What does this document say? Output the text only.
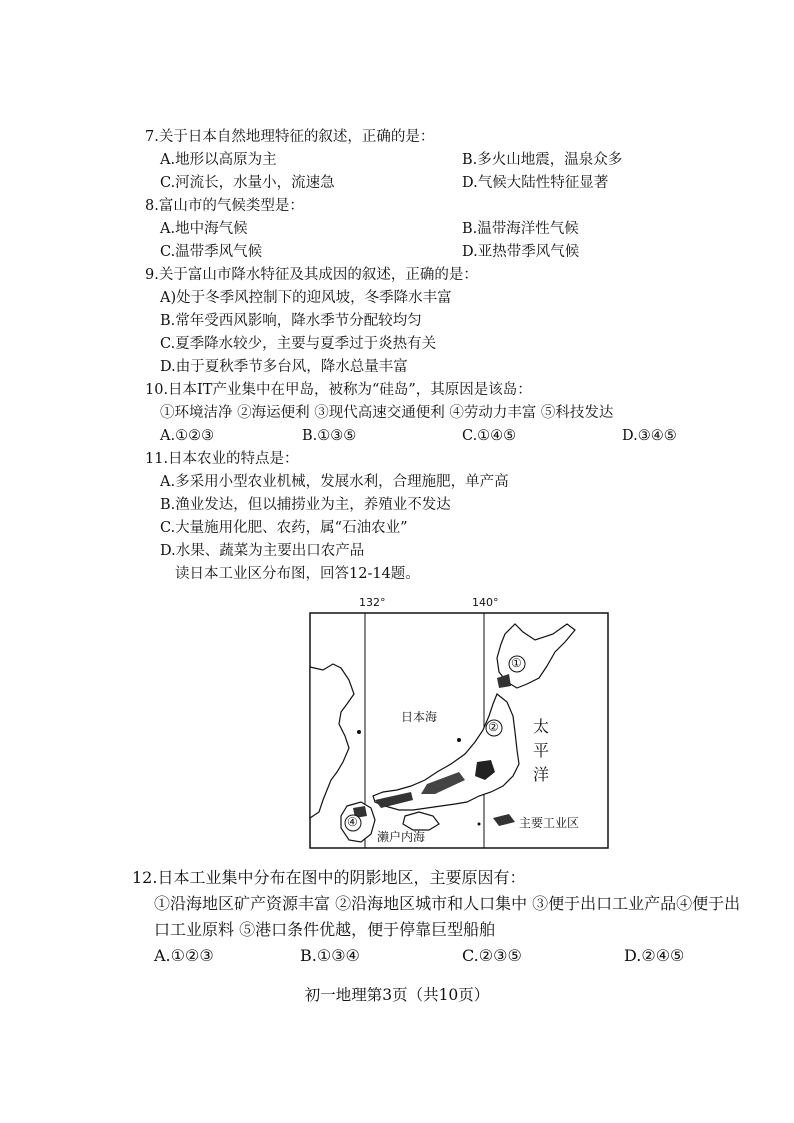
7.关于日本自然地理特征的叙述，正确的是：
A.地形以高原为主	B.多火山地震，温泉众多
C.河流长，水量小，流速急	D.气候大陆性特征显著
8.富山市的气候类型是：
A.地中海气候	B.温带海洋性气候
C.温带季风气候	D.亚热带季风气候
9.关于富山市降水特征及其成因的叙述，正确的是：
A)处于冬季风控制下的迎风坡，冬季降水丰富
B.常年受西风影响，降水季节分配较均匀
C.夏季降水较少，主要与夏季过于炎热有关
D.由于夏秋季节多台风，降水总量丰富
10.日本IT产业集中在甲岛，被称为“硅岛”，其原因是该岛：
①环境洁净 ②海运便利 ③现代高速交通便利 ④劳动力丰富 ⑤科技发达
A.①②③	B.①③⑤	C.①④⑤	D.③④⑤
11.日本农业的特点是：
A.多采用小型农业机械，发展水利，合理施肥，单产高
B.渔业发达，但以捕捞业为主，养殖业不发达
C.大量施用化肥、农药，属“石油农业”
D.水果、蔬菜为主要出口农产品
读日本工业区分布图，回答12-14题。
132°	140°
日本海	太
平
洋
濑户内海
主要工业区
①
②
④
12.日本工业集中分布在图中的阴影地区，主要原因有：
①沿海地区矿产资源丰富 ②沿海地区城市和人口集中 ③便于出口工业产品④便于出
口工业原料 ⑤港口条件优越，便于停靠巨型船舶
A.①②③	B.①③④	C.②③⑤	D.②④⑤
初一地理第3页（共10页）
